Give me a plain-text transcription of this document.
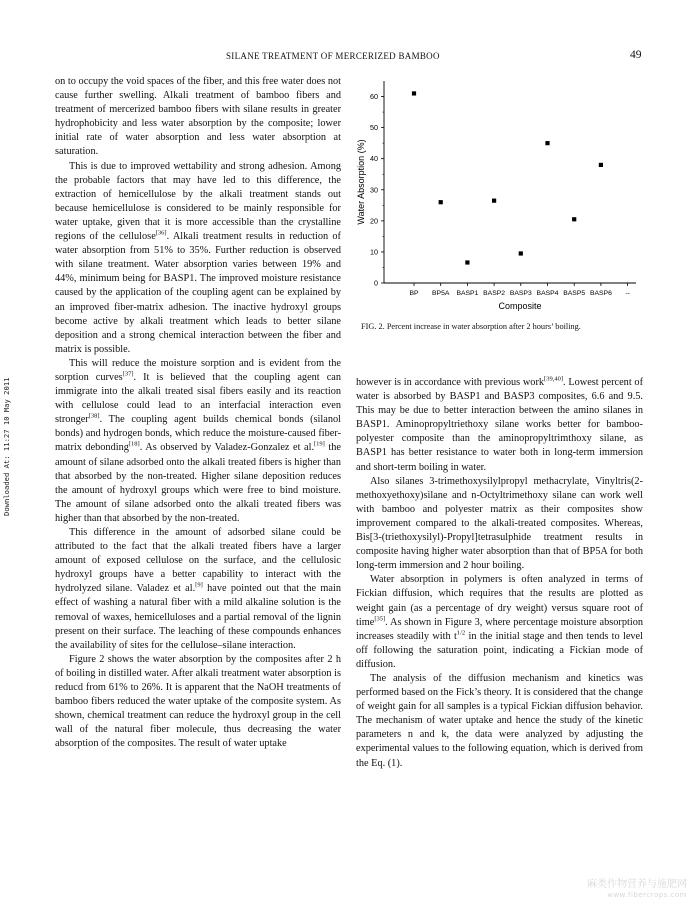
SILANE TREATMENT OF MERCERIZED BAMBOO	49
Downloaded At: 11:27 10 May 2011

on to occupy the void spaces of the fiber, and this free water does not cause further swelling. Alkali treatment of bamboo fibers and treatment of mercerized bamboo fibers with silane results in greater hydrophobicity and less water absorption by the composite; lower initial rate of water absorption and less water absorption at saturation.

This is due to improved wettability and strong adhesion. Among the probable factors that may have led to this difference, the extraction of hemicellulose by the alkali treatment stands out because hemicellulose is considered to be mainly responsible for water uptake, given that it is more accessible than the crystalline regions of the cellulose[36]. Alkali treatment results in reduction of water absorption from 51% to 35%. Further reduction is observed with silane treatment. Water absorption varies between 19% and 44%, minimum being for BASP1. The improved moisture resistance caused by the application of the coupling agent can be explained by an improved fiber-matrix adhesion. The inactive hydroxyl groups become active by alkali treatment which leads to better silane deposition and a strong chemical interaction between the fiber and matrix is possible.

This will reduce the moisture sorption and is evident from the sorption curves[37]. It is believed that the coupling agent can immigrate into the alkali treated sisal fibers easily and its reaction with cellulose could lead to an interfacial interaction even stronger[38]. The coupling agent builds chemical bonds (silanol bonds) and hydrogen bonds, which reduce the moisture-caused fiber-matrix debonding[18]. As observed by Valadez-Gonzalez et al.[19] the amount of silane adsorbed onto the alkali treated fibers is higher than that absorbed by the non-treated. Higher silane deposition reduces the amount of hydroxyl groups which were free to bind moisture. The amount of silane adsorbed onto the alkali treated fibers was higher than that absorbed by the non-treated.

This difference in the amount of adsorbed silane could be attributed to the fact that the alkali treated fibers have a larger amount of exposed cellulose on the surface, and the cellulosic hydroxyl groups have a better capability to interact with the hydrolyzed silane. Valadez et al.[9] have pointed out that the main effect of washing a natural fiber with a mild alkaline solution is the removal of waxes, hemicelluloses and a partial removal of the lignin present on their surface. The leaching of these compounds enhances the availability of sites for the cellulose–silane interaction.

Figure 2 shows the water absorption by the composites after 2 h of boiling in distilled water. After alkali treatment water absorption is reducd from 61% to 26%. It is apparent that the NaOH treatments of bamboo fibers reduced the water uptake of the composite system. As shown, chemical treatment can reduce the hydroxyl group in the cell wall of the natural fiber molecule, thus decreasing the water absorption of the composites. The result of water uptake

0
10
20
30
40
50
60
BP BP5A BASP1 BASP2 BASP3 BASP4 BASP5 BASP6 --
Composite
Water Absorption (%)
FIG. 2. Percent increase in water absorption after 2 hours’ boiling.

however is in accordance with previous work[39,40]. Lowest percent of water is absorbed by BASP1 and BASP3 composites, 6.6 and 9.5. This may be due to better interaction between the amino silanes in BASP1. Aminopropyltriethoxy silane works better for bamboo-polyester composite than the aminopropyltrimthoxy silane, as BASP1 has better resistance to water both in long-term immersion and short-term boiling in water.

Also silanes 3-trimethoxysilylpropyl methacrylate, Vinyltris(2-methoxyethoxy)silane and n-Octyltrimethoxy silane can work well with bamboo and polyester matrix as their composites show improvement compared to the alkali-treated composites. Whereas, Bis[3-(triethoxysilyl)-Propyl]tetrasulphide treatment results in composite having higher water absorption than that of BP5A for both long-term immersion and 2 hour boiling.

Water absorption in polymers is often analyzed in terms of Fickian diffusion, which requires that the results are plotted as weight gain (as a percentage of dry weight) versus square root of time[35]. As shown in Figure 3, where percentage moisture absorption increases steadily with $t^{1/2}$ in the initial stage and then tends to level off following the saturation point, indicating a Fickian mode of diffusion.

The analysis of the diffusion mechanism and kinetics was performed based on the Fick’s theory. It is considered that the change of weight gain for all samples is a typical Fickian diffusion behavior. The mechanism of water uptake and hence the study of the kinetic parameters n and k, the data were analyzed by adjusting the experimental values to the following equation, which is derived from the Eq. (1).

麻类作物营养与施肥网
www.fibercrops.com
